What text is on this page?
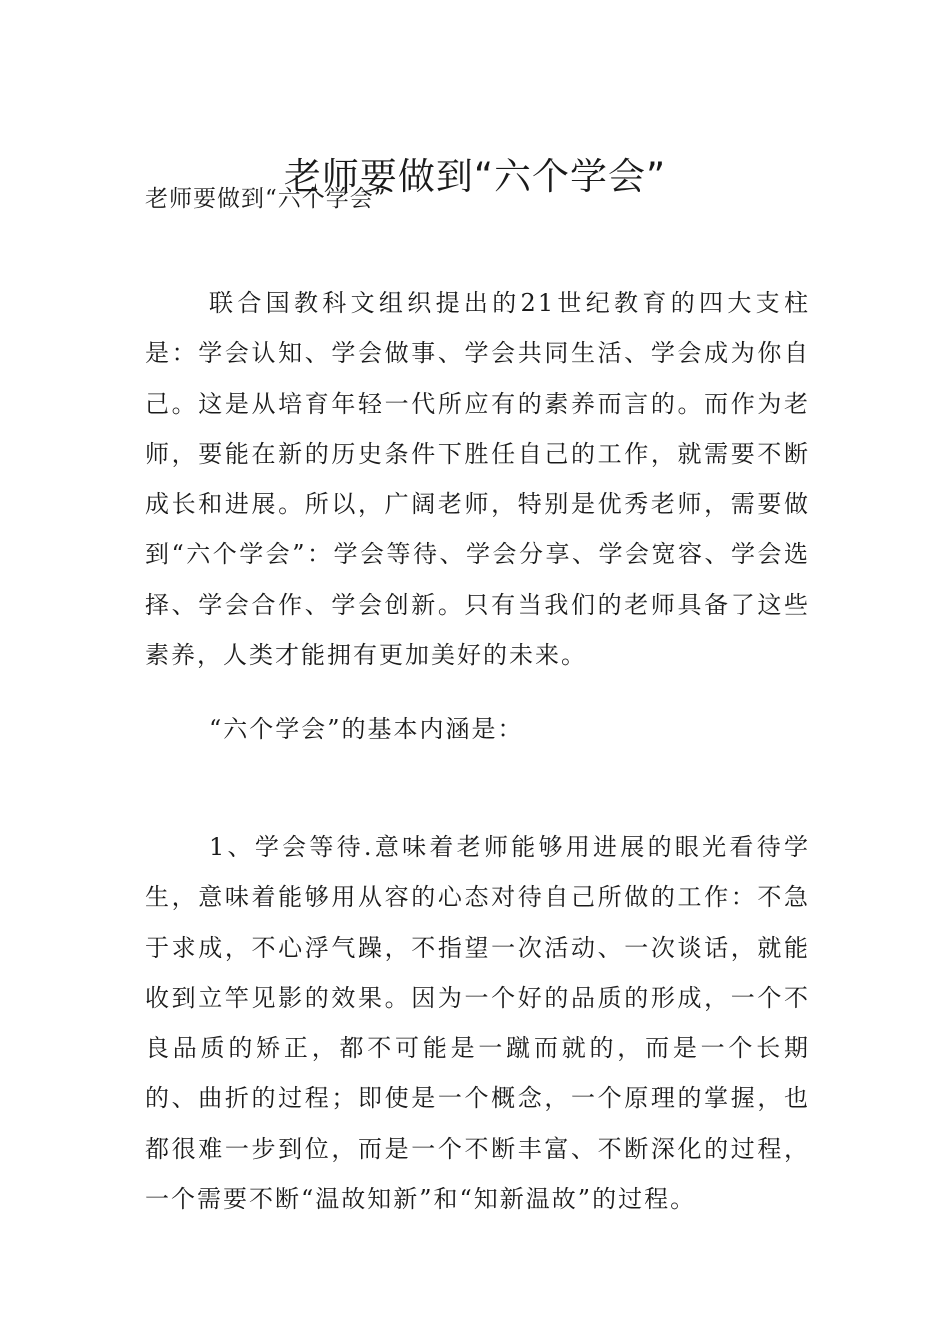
老师要做到“六个学会”
老师要做到“六个学会”

联合国教科文组织提出的21世纪教育的四大支柱是：学会认知、学会做事、学会共同生活、学会成为你自己。这是从培育年轻一代所应有的素养而言的。而作为老师，要能在新的历史条件下胜任自己的工作，就需要不断成长和进展。所以，广阔老师，特别是优秀老师，需要做到“六个学会”：学会等待、学会分享、学会宽容、学会选择、学会合作、学会创新。只有当我们的老师具备了这些素养，人类才能拥有更加美好的未来。

“六个学会”的基本内涵是：

1、学会等待.意味着老师能够用进展的眼光看待学生，意味着能够用从容的心态对待自己所做的工作：不急于求成，不心浮气躁，不指望一次活动、一次谈话，就能收到立竿见影的效果。因为一个好的品质的形成，一个不良品质的矫正，都不可能是一蹴而就的，而是一个长期的、曲折的过程；即使是一个概念，一个原理的掌握，也都很难一步到位，而是一个不断丰富、不断深化的过程，一个需要不断“温故知新”和“知新温故”的过程。
